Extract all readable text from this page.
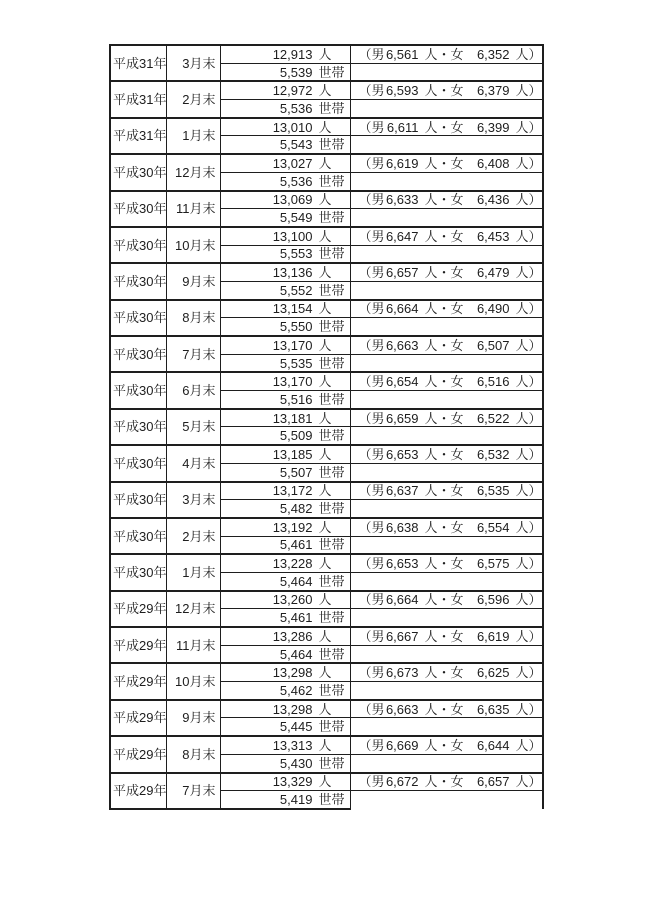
平成31年	3月末	12,913 人	（男6,561 人・女 6,352 人）
		5,539 世帯	
平成31年	2月末	12,972 人	（男6,593 人・女 6,379 人）
		5,536 世帯	
平成31年	1月末	13,010 人	（男 6,611 人・女 6,399 人）
		5,543 世帯	
平成30年	12月末	13,027 人	（男6,619 人・女 6,408 人）
		5,536 世帯	
平成30年	11月末	13,069 人	（男6,633 人・女 6,436 人）
		5,549 世帯	
平成30年	10月末	13,100 人	（男6,647 人・女 6,453 人）
		5,553 世帯	
平成30年	9月末	13,136 人	（男6,657 人・女 6,479 人）
		5,552 世帯	
平成30年	8月末	13,154 人	（男6,664 人・女 6,490 人）
		5,550 世帯	
平成30年	7月末	13,170 人	（男6,663 人・女 6,507 人）
		5,535 世帯	
平成30年	6月末	13,170 人	（男6,654 人・女 6,516 人）
		5,516 世帯	
平成30年	5月末	13,181 人	（男6,659 人・女 6,522 人）
		5,509 世帯	
平成30年	4月末	13,185 人	（男6,653 人・女 6,532 人）
		5,507 世帯	
平成30年	3月末	13,172 人	（男6,637 人・女 6,535 人）
		5,482 世帯	
平成30年	2月末	13,192 人	（男6,638 人・女 6,554 人）
		5,461 世帯	
平成30年	1月末	13,228 人	（男6,653 人・女 6,575 人）
		5,464 世帯	
平成29年	12月末	13,260 人	（男6,664 人・女 6,596 人）
		5,461 世帯	
平成29年	11月末	13,286 人	（男6,667 人・女 6,619 人）
		5,464 世帯	
平成29年	10月末	13,298 人	（男6,673 人・女 6,625 人）
		5,462 世帯	
平成29年	9月末	13,298 人	（男6,663 人・女 6,635 人）
		5,445 世帯	
平成29年	8月末	13,313 人	（男6,669 人・女 6,644 人）
		5,430 世帯	
平成29年	7月末	13,329 人	（男6,672 人・女 6,657 人）
		5,419 世帯	
